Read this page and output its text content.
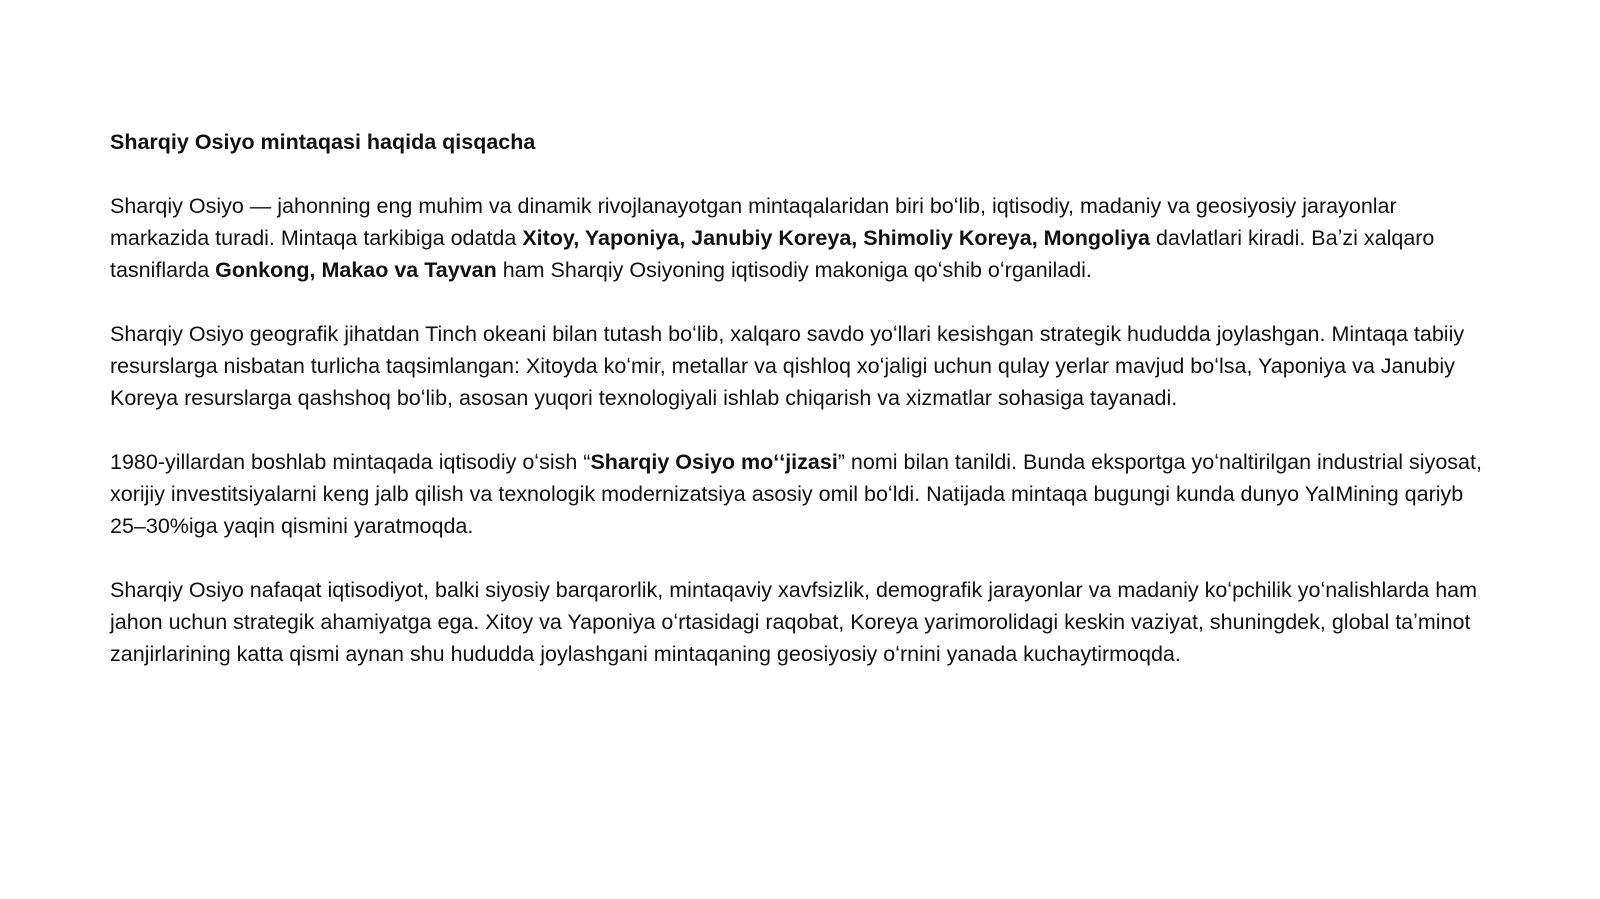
Sharqiy Osiyo mintaqasi haqida qisqacha

Sharqiy Osiyo — jahonning eng muhim va dinamik rivojlanayotgan mintaqalaridan biri boʻlib, iqtisodiy, madaniy va geosiyosiy jarayonlar markazida turadi. Mintaqa tarkibiga odatda Xitoy, Yaponiya, Janubiy Koreya, Shimoliy Koreya, Mongoliya davlatlari kiradi. Baʼzi xalqaro tasniflarda Gonkong, Makao va Tayvan ham Sharqiy Osiyoning iqtisodiy makoniga qoʻshib oʻrganiladi.

Sharqiy Osiyo geografik jihatdan Tinch okeani bilan tutash boʻlib, xalqaro savdo yoʻllari kesishgan strategik hududda joylashgan. Mintaqa tabiiy resurslarga nisbatan turlicha taqsimlangan: Xitoyda koʻmir, metallar va qishloq xoʻjaligi uchun qulay yerlar mavjud boʻlsa, Yaponiya va Janubiy Koreya resurslarga qashshoq boʻlib, asosan yuqori texnologiyali ishlab chiqarish va xizmatlar sohasiga tayanadi.

1980-yillardan boshlab mintaqada iqtisodiy oʻsish “Sharqiy Osiyo moʻʻjizasi” nomi bilan tanildi. Bunda eksportga yoʻnaltirilgan industrial siyosat, xorijiy investitsiyalarni keng jalb qilish va texnologik modernizatsiya asosiy omil boʻldi. Natijada mintaqa bugungi kunda dunyo YaIMining qariyb 25–30%iga yaqin qismini yaratmoqda.

Sharqiy Osiyo nafaqat iqtisodiyot, balki siyosiy barqarorlik, mintaqaviy xavfsizlik, demografik jarayonlar va madaniy koʻpchilik yoʻnalishlarda ham jahon uchun strategik ahamiyatga ega. Xitoy va Yaponiya oʻrtasidagi raqobat, Koreya yarimorolidagi keskin vaziyat, shuningdek, global taʼminot zanjirlarining katta qismi aynan shu hududda joylashgani mintaqaning geosiyosiy oʻrnini yanada kuchaytirmoqda.
